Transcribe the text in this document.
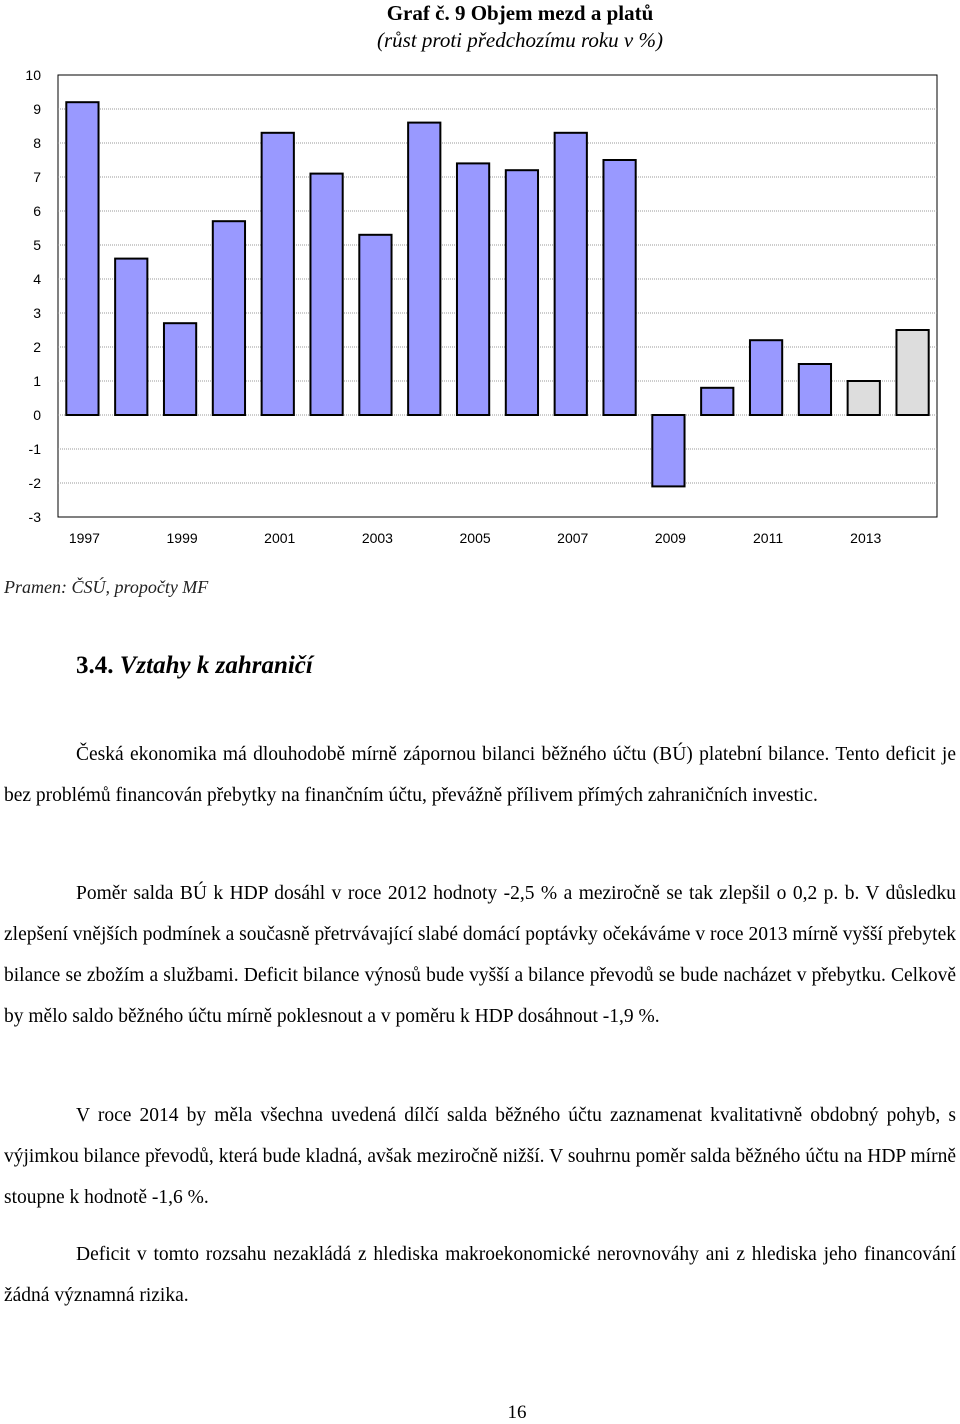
Graf č. 9 Objem mezd a platů
(růst proti předchozímu roku v %)
10
9
8
7
6
5
4
3
2
1
0
-1
-2
-3
1997	1999	2001	2003	2005	2007	2009	2011	2013
Pramen: ČSÚ, propočty MF
3.4. Vztahy k zahraničí

Česká ekonomika má dlouhodobě mírně zápornou bilanci běžného účtu (BÚ) platební bilance. Tento deficit je bez problémů financován přebytky na finančním účtu, převážně přílivem přímých zahraničních investic.

Poměr salda BÚ k HDP dosáhl v roce 2012 hodnoty -2,5 % a meziročně se tak zlepšil o 0,2 p. b. V důsledku zlepšení vnějších podmínek a současně přetrvávající slabé domácí poptávky očekáváme v roce 2013 mírně vyšší přebytek bilance se zbožím a službami. Deficit bilance výnosů bude vyšší a bilance převodů se bude nacházet v přebytku. Celkově by mělo saldo běžného účtu mírně poklesnout a v poměru k HDP dosáhnout -1,9 %.

V roce 2014 by měla všechna uvedená dílčí salda běžného účtu zaznamenat kvalitativně obdobný pohyb, s výjimkou bilance převodů, která bude kladná, avšak meziročně nižší. V souhrnu poměr salda běžného účtu na HDP mírně stoupne k hodnotě -1,6 %.

Deficit v tomto rozsahu nezakládá z hlediska makroekonomické nerovnováhy ani z hlediska jeho financování žádná významná rizika.

16
